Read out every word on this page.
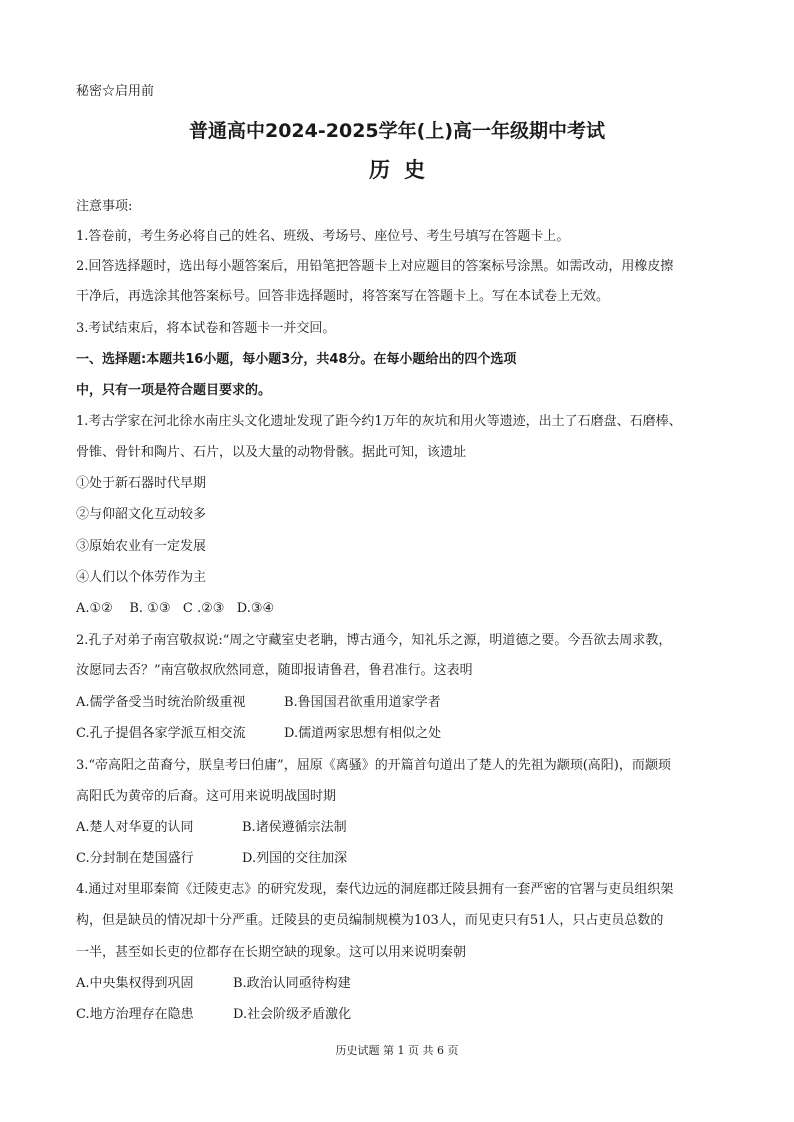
秘密☆启用前
普通高中2024-2025学年(上)高一年级期中考试
历史
注意事项:
1.答卷前，考生务必将自己的姓名、班级、考场号、座位号、考生号填写在答题卡上。
2.回答选择题时，选出每小题答案后，用铅笔把答题卡上对应题目的答案标号涂黑。如需改动，用橡皮擦
干净后，再选涂其他答案标号。回答非选择题时，将答案写在答题卡上。写在本试卷上无效。
3.考试结束后，将本试卷和答题卡一并交回。
一、选择题:本题共16小题，每小题3分，共48分。在每小题给出的四个选项
中，只有一项是符合题目要求的。
1.考古学家在河北徐水南庄头文化遗址发现了距今约1万年的灰坑和用火等遗迹，出土了石磨盘、石磨棒、
骨锥、骨针和陶片、石片，以及大量的动物骨骸。据此可知，该遗址
①处于新石器时代早期
②与仰韶文化互动较多
③原始农业有一定发展
④人们以个体劳作为主
A.①②    B. ①③   C .②③   D.③④
2.孔子对弟子南宫敬叔说:“周之守藏室史老聃，博古通今，知礼乐之源，明道德之要。今吾欲去周求教，
汝愿同去否？”南宫敬叔欣然同意，随即报请鲁君，鲁君准行。这表明
A.儒学备受当时统治阶级重视	B.鲁国国君欲重用道家学者
C.孔子提倡各家学派互相交流	D.儒道两家思想有相似之处
3.“帝高阳之苗裔兮，朕皇考曰伯庸”，屈原《离骚》的开篇首句道出了楚人的先祖为颛顼(高阳)，而颛顼
高阳氏为黄帝的后裔。这可用来说明战国时期
A.楚人对华夏的认同	B.诸侯遵循宗法制
C.分封制在楚国盛行	D.列国的交往加深
4.通过对里耶秦简《迁陵吏志》的研究发现，秦代边远的洞庭郡迁陵县拥有一套严密的官署与吏员组织架
构，但是缺员的情况却十分严重。迁陵县的吏员编制规模为103人，而见吏只有51人，只占吏员总数的
一半，甚至如长吏的位都存在长期空缺的现象。这可以用来说明秦朝
A.中央集权得到巩固	B.政治认同亟待构建
C.地方治理存在隐患	D.社会阶级矛盾激化
历史试题 第 1 页 共 6 页
